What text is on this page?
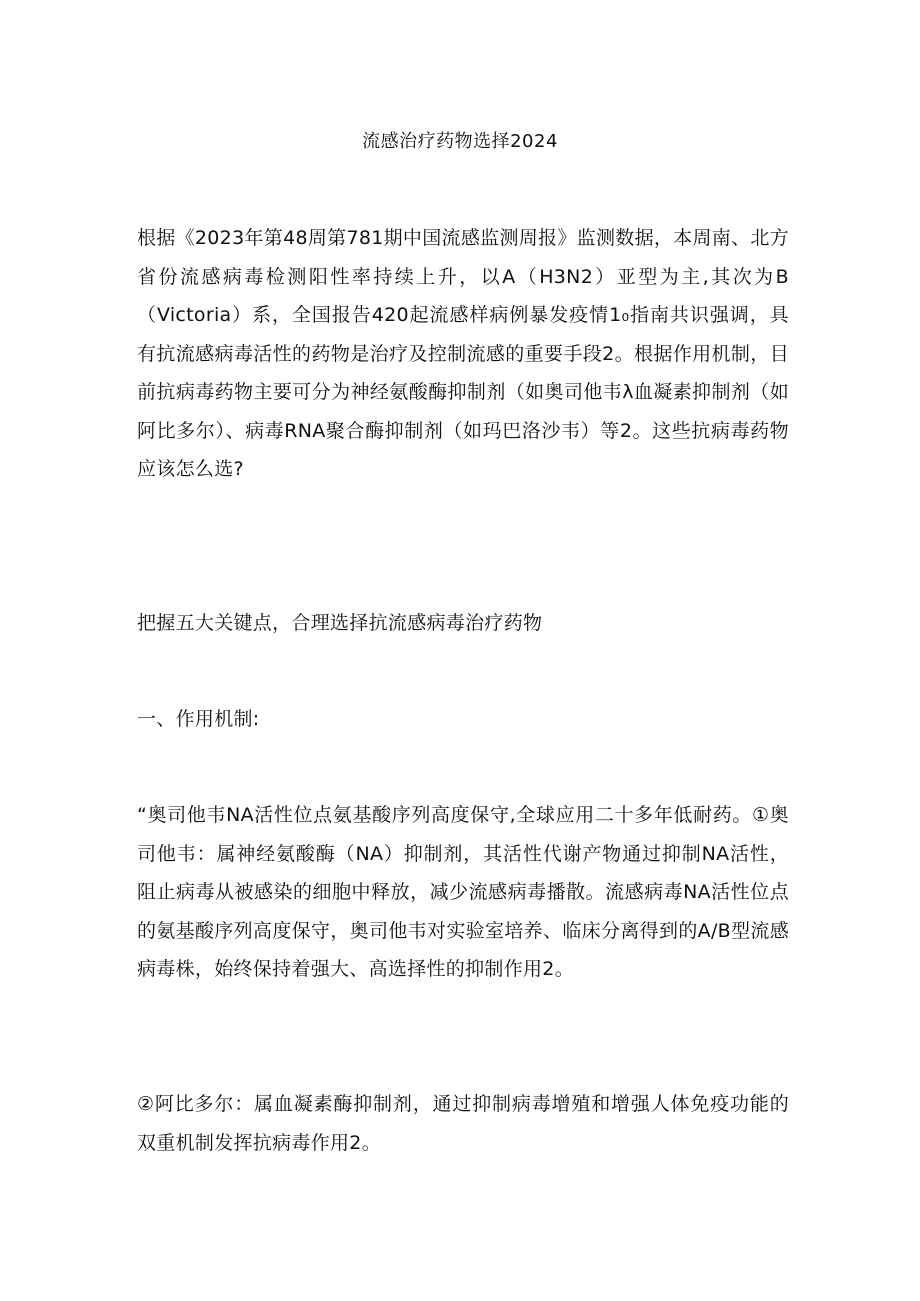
流感治疗药物选择2024

根据《2023年第48周第781期中国流感监测周报》监测数据，本周南、北方省份流感病毒检测阳性率持续上升，以A（H3N2）亚型为主,其次为B（Victoria）系，全国报告420起流感样病例暴发疫情1₀指南共识强调，具有抗流感病毒活性的药物是治疗及控制流感的重要手段2。根据作用机制，目前抗病毒药物主要可分为神经氨酸酶抑制剂（如奥司他韦λ血凝素抑制剂（如阿比多尔）、病毒RNA聚合酶抑制剂（如玛巴洛沙韦）等2。这些抗病毒药物应该怎么选?

把握五大关键点，合理选择抗流感病毒治疗药物

一、作用机制:

“奥司他韦NA活性位点氨基酸序列高度保守,全球应用二十多年低耐药。①奥司他韦：属神经氨酸酶（NA）抑制剂，其活性代谢产物通过抑制NA活性，阻止病毒从被感染的细胞中释放，减少流感病毒播散。流感病毒NA活性位点的氨基酸序列高度保守，奥司他韦对实验室培养、临床分离得到的A/B型流感病毒株，始终保持着强大、高选择性的抑制作用2。

②阿比多尔：属血凝素酶抑制剂，通过抑制病毒增殖和增强人体免疫功能的双重机制发挥抗病毒作用2。
